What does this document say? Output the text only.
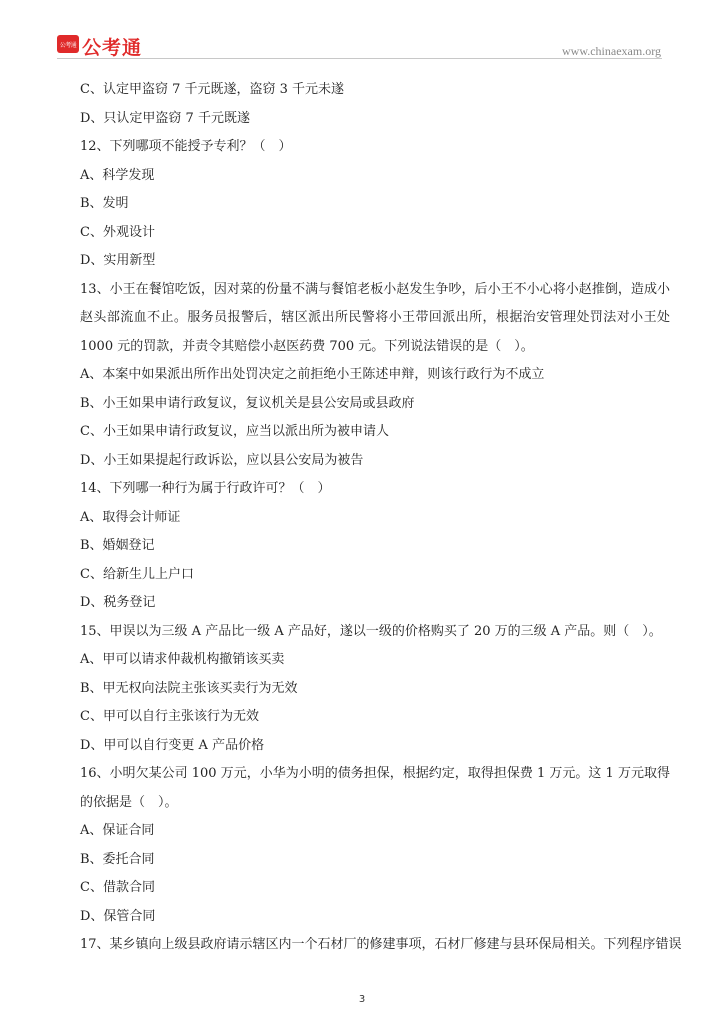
公考通 公考通	www.chinaexam.org
C、认定甲盗窃 7 千元既遂，盗窃 3 千元未遂
D、只认定甲盗窃 7 千元既遂
12、下列哪项不能授予专利？（　）
A、科学发现
B、发明
C、外观设计
D、实用新型
13、小王在餐馆吃饭，因对菜的份量不满与餐馆老板小赵发生争吵，后小王不小心将小赵推倒，造成小赵头部流血不止。服务员报警后，辖区派出所民警将小王带回派出所，根据治安管理处罚法对小王处 1000 元的罚款，并责令其赔偿小赵医药费 700 元。下列说法错误的是（　）。
A、本案中如果派出所作出处罚决定之前拒绝小王陈述申辩，则该行政行为不成立
B、小王如果申请行政复议，复议机关是县公安局或县政府
C、小王如果申请行政复议，应当以派出所为被申请人
D、小王如果提起行政诉讼，应以县公安局为被告
14、下列哪一种行为属于行政许可？（　）
A、取得会计师证
B、婚姻登记
C、给新生儿上户口
D、税务登记
15、甲误以为三级 A 产品比一级 A 产品好，遂以一级的价格购买了 20 万的三级 A 产品。则（　）。
A、甲可以请求仲裁机构撤销该买卖
B、甲无权向法院主张该买卖行为无效
C、甲可以自行主张该行为无效
D、甲可以自行变更 A 产品价格
16、小明欠某公司 100 万元，小华为小明的债务担保，根据约定，取得担保费 1 万元。这 1 万元取得的依据是（　）。
A、保证合同
B、委托合同
C、借款合同
D、保管合同
17、某乡镇向上级县政府请示辖区内一个石材厂的修建事项，石材厂修建与县环保局相关。下列程序错误
3
